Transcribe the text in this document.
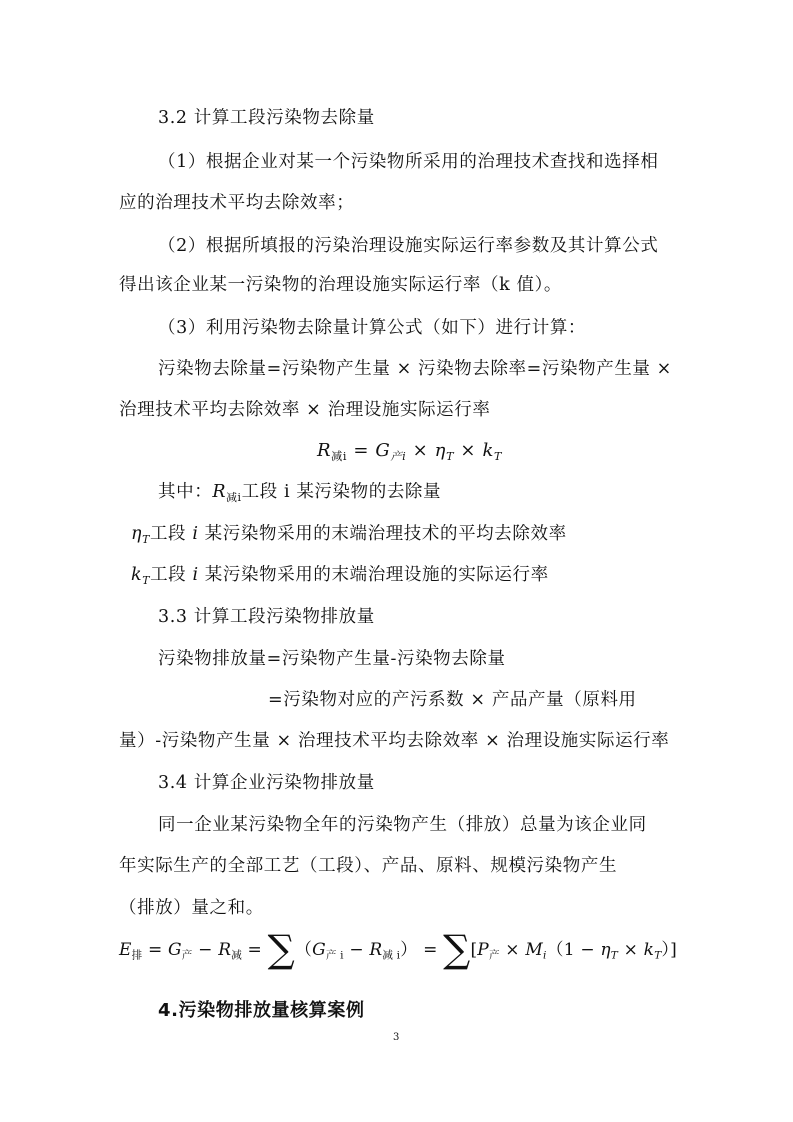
3.2 计算工段污染物去除量
（1）根据企业对某一个污染物所采用的治理技术查找和选择相
应的治理技术平均去除效率；
（2）根据所填报的污染治理设施实际运行率参数及其计算公式
得出该企业某一污染物的治理设施实际运行率（k 值）。
（3）利用污染物去除量计算公式（如下）进行计算：
污染物去除量=污染物产生量 × 污染物去除率=污染物产生量 ×
治理技术平均去除效率 × 治理设施实际运行率
$R_{减i} = G_{产i} \times \eta_T \times k_T$
其中：$R_{减i}$工段 i 某污染物的去除量
$\eta_T$工段 i 某污染物采用的末端治理技术的平均去除效率
$k_T$工段 i 某污染物采用的末端治理设施的实际运行率
3.3 计算工段污染物排放量
污染物排放量=污染物产生量-污染物去除量
=污染物对应的产污系数 × 产品产量（原料用
量）-污染物产生量 × 治理技术平均去除效率 × 治理设施实际运行率
3.4 计算企业污染物排放量
同一企业某污染物全年的污染物产生（排放）总量为该企业同
年实际生产的全部工艺（工段）、产品、原料、规模污染物产生
（排放）量之和。
$E_排 = G_产 - R_减 = \sum(G_{产 i} - R_{减 i}) = \sum[P_产 \times M_i(1 - \eta_T \times k_T)]$
4.污染物排放量核算案例
3
